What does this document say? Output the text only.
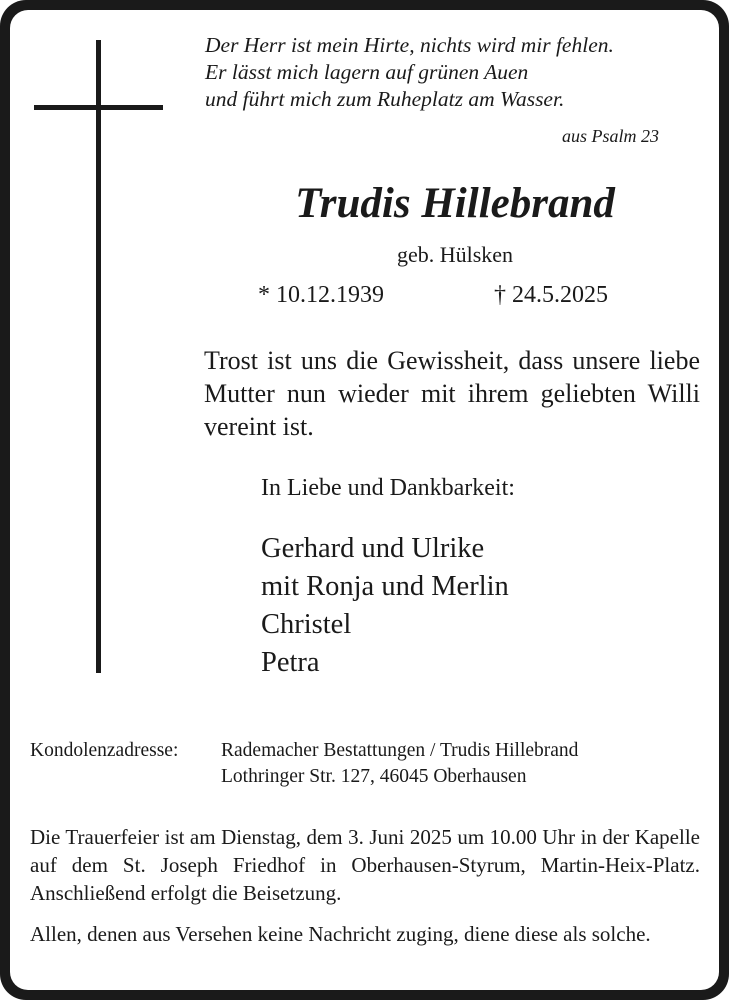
Der Herr ist mein Hirte, nichts wird mir fehlen.
Er lässt mich lagern auf grünen Auen
und führt mich zum Ruheplatz am Wasser.
aus Psalm 23
Trudis Hillebrand
geb. Hülsken
* 10.12.1939	† 24.5.2025
Trost ist uns die Gewissheit, dass unsere liebe Mutter nun wieder mit ihrem geliebten Willi vereint ist.
In Liebe und Dankbarkeit:
Gerhard und Ulrike
mit Ronja und Merlin
Christel
Petra
Kondolenzadresse: Rademacher Bestattungen / Trudis Hillebrand
Lothringer Str. 127, 46045 Oberhausen
Die Trauerfeier ist am Dienstag, dem 3. Juni 2025 um 10.00 Uhr in der Kapelle auf dem St. Joseph Friedhof in Oberhausen-Styrum, Martin-Heix-Platz. Anschließend erfolgt die Beisetzung.
Allen, denen aus Versehen keine Nachricht zuging, diene diese als solche.
